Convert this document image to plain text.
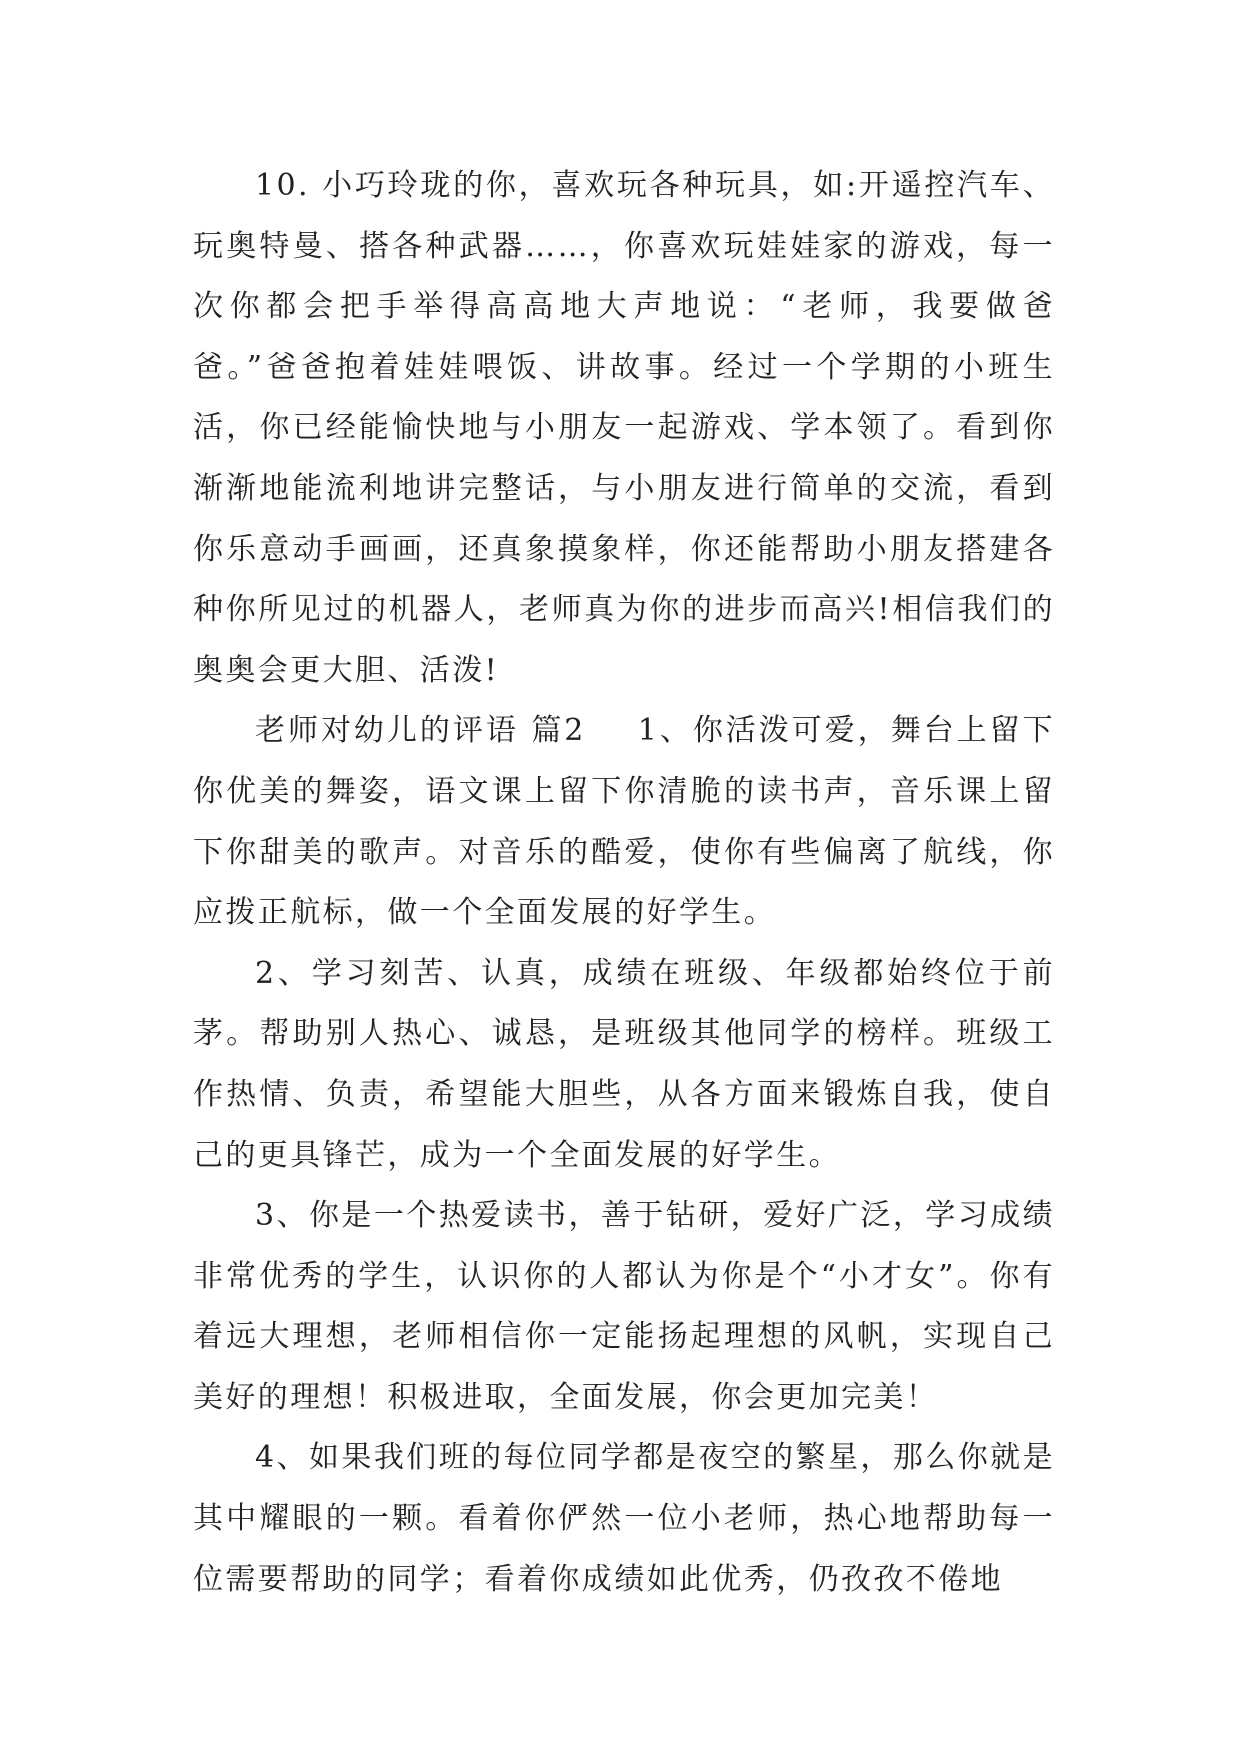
10. 小巧玲珑的你，喜欢玩各种玩具，如:开遥控汽车、玩奥特曼、搭各种武器……，你喜欢玩娃娃家的游戏，每一次你都会把手举得高高地大声地说：“老师，我要做爸爸。”爸爸抱着娃娃喂饭、讲故事。经过一个学期的小班生活，你已经能愉快地与小朋友一起游戏、学本领了。看到你渐渐地能流利地讲完整话，与小朋友进行简单的交流，看到你乐意动手画画，还真象摸象样，你还能帮助小朋友搭建各种你所见过的机器人，老师真为你的进步而高兴!相信我们的奥奥会更大胆、活泼!

老师对幼儿的评语 篇2 1、你活泼可爱，舞台上留下你优美的舞姿，语文课上留下你清脆的读书声，音乐课上留下你甜美的歌声。对音乐的酷爱，使你有些偏离了航线，你应拨正航标，做一个全面发展的好学生。

2、学习刻苦、认真，成绩在班级、年级都始终位于前茅。帮助别人热心、诚恳，是班级其他同学的榜样。班级工作热情、负责，希望能大胆些，从各方面来锻炼自我，使自己的更具锋芒，成为一个全面发展的好学生。

3、你是一个热爱读书，善于钻研，爱好广泛，学习成绩非常优秀的学生，认识你的人都认为你是个“小才女”。你有着远大理想，老师相信你一定能扬起理想的风帆，实现自己美好的理想！积极进取，全面发展，你会更加完美！

4、如果我们班的每位同学都是夜空的繁星，那么你就是其中耀眼的一颗。看着你俨然一位小老师，热心地帮助每一位需要帮助的同学；看着你成绩如此优秀，仍孜孜不倦地
